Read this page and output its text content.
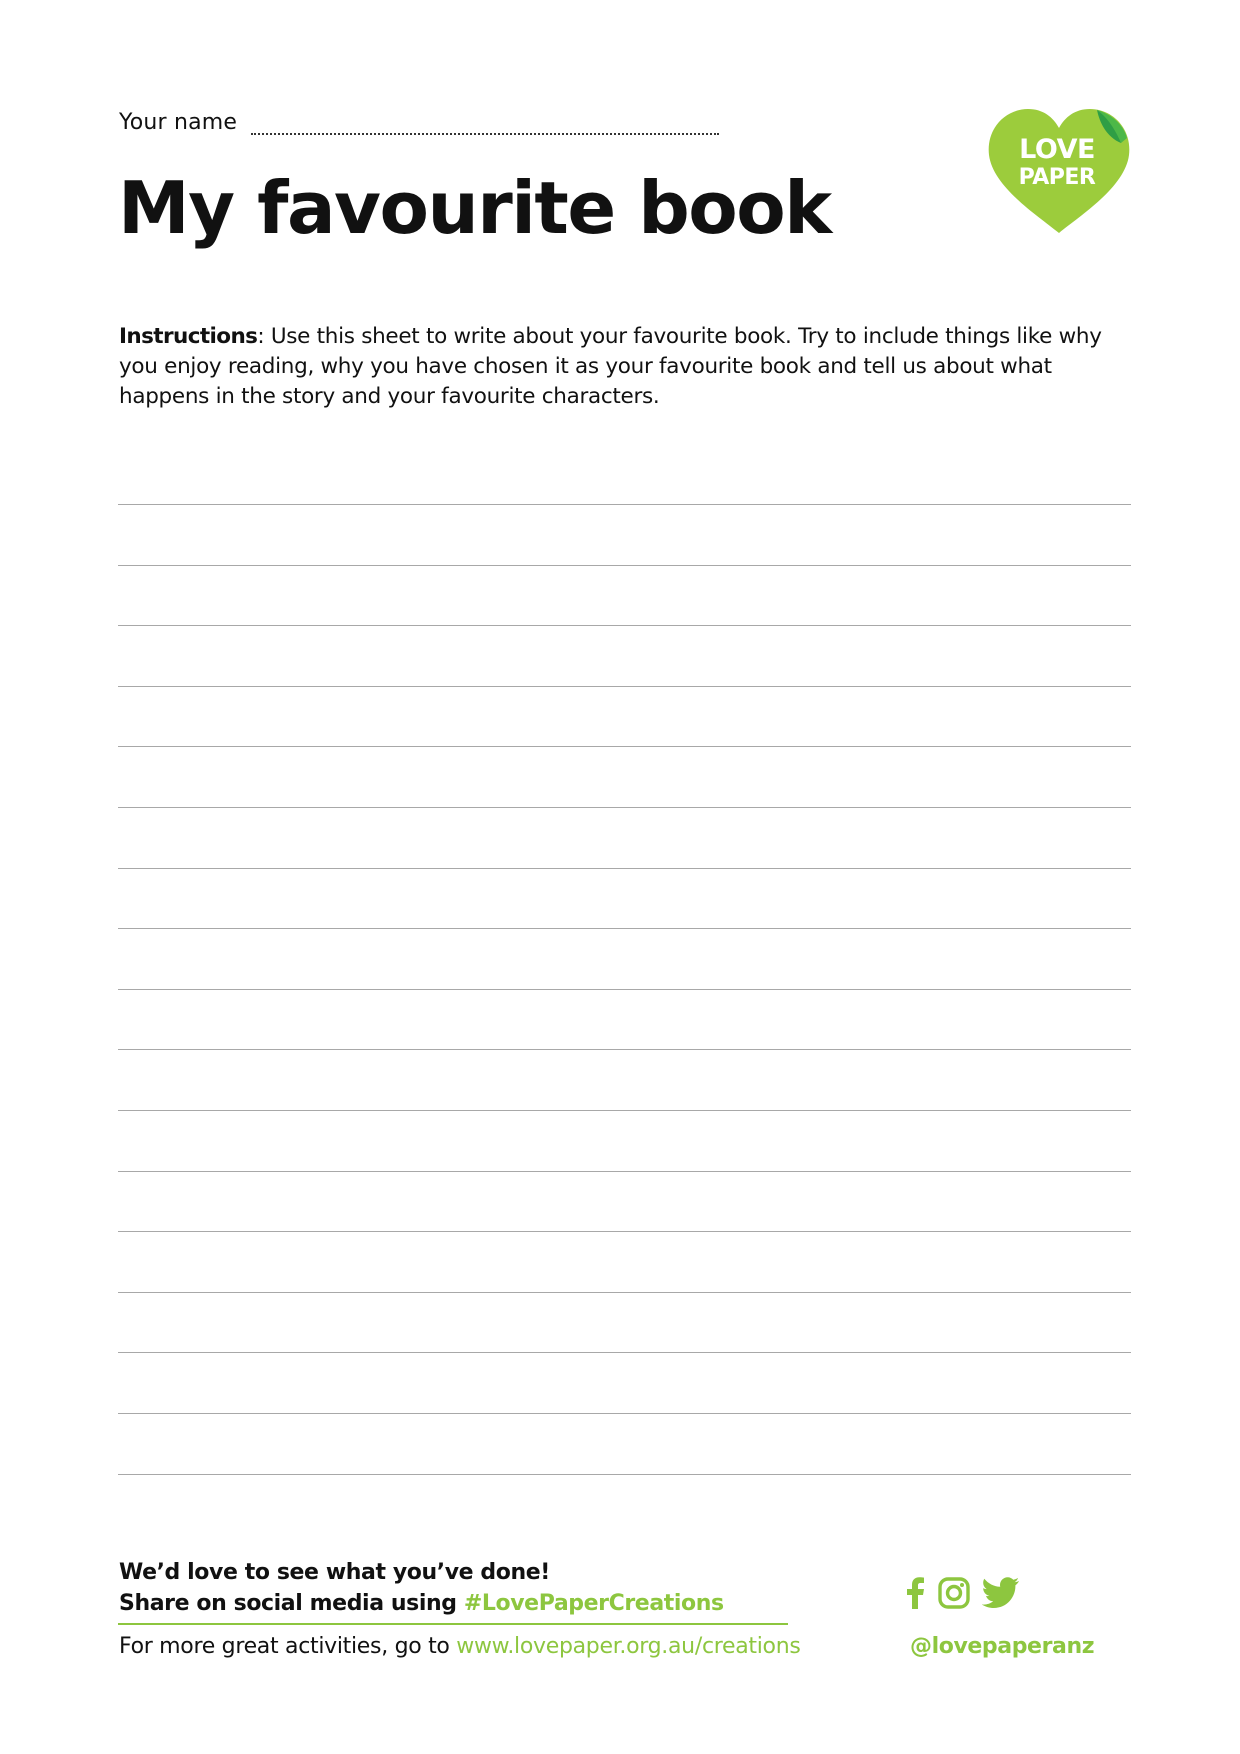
Your name
My favourite book
LOVE
PAPER

Instructions: Use this sheet to write about your favourite book. Try to include things like why you enjoy reading, why you have chosen it as your favourite book and tell us about what happens in the story and your favourite characters.

We’d love to see what you’ve done!
Share on social media using #LovePaperCreations
For more great activities, go to www.lovepaper.org.au/creations	@lovepaperanz
